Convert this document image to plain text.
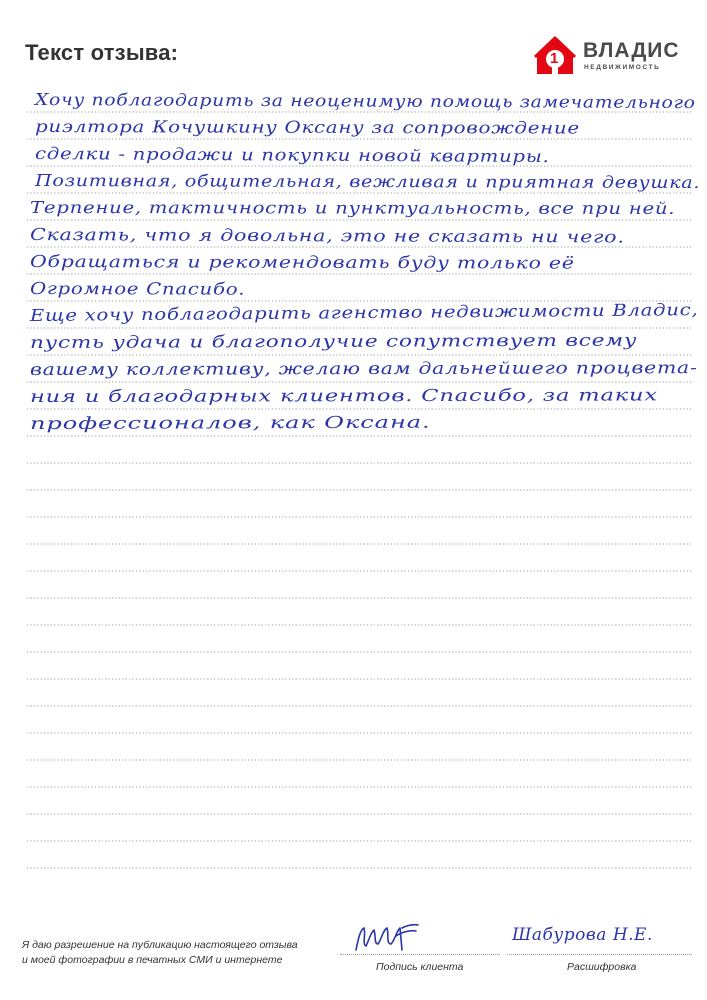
Текст отзыва:	1 ВЛАДИС
НЕДВИЖИМОСТЬ
Хочу поблагодарить за неоценимую помощь замечательного
риэлтора Кочушкину Оксану за сопровождение
сделки - продажи и покупки новой квартиры.
Позитивная, общительная, вежливая и приятная девушка.
Терпение, тактичность и пунктуальность, все при ней.
Сказать, что я довольна, это не сказать ни чего.
Обращаться и рекомендовать буду только её
Огромное Спасибо.
Еще хочу поблагодарить агенство недвижимости Владис,
пусть удача и благополучие сопутствует всему
вашему коллективу, желаю вам дальнейшего процвета-
ния и благодарных клиентов. Спасибо, за таких
профессионалов, как Оксана.
Я даю разрешение на публикацию настоящего отзыва
и моей фотографии в печатных СМИ и интернете
Подпись клиента
Шабурова Н.Е.
Расшифровка
